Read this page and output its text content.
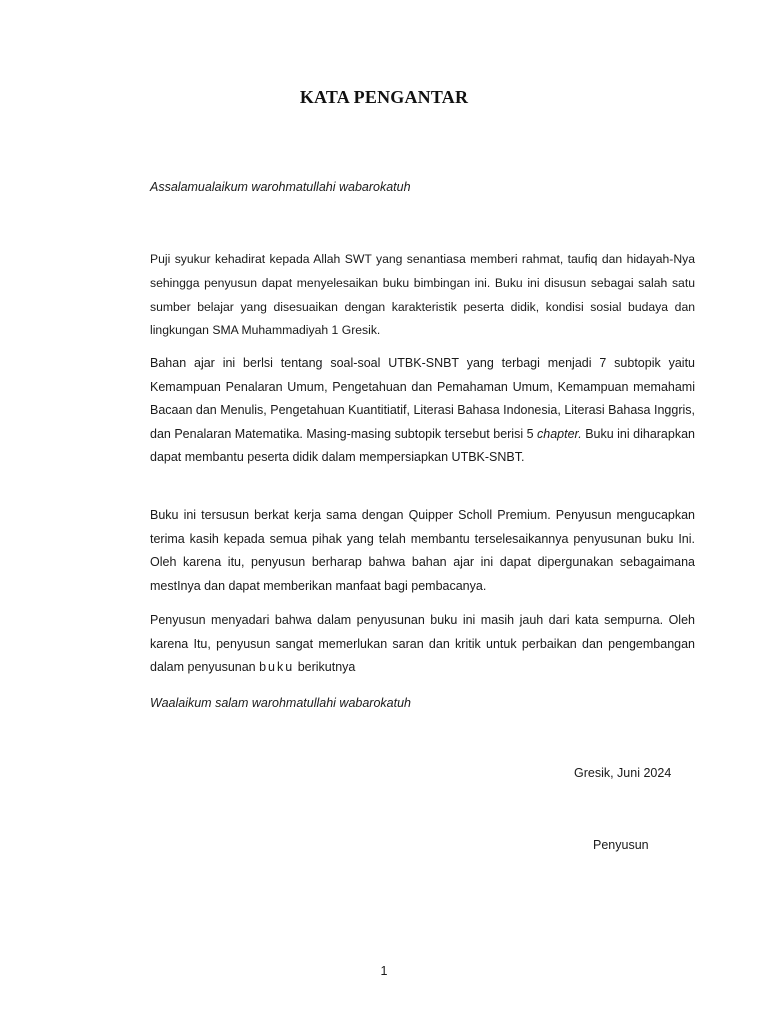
KATA PENGANTAR
Assalamualaikum warohmatullahi wabarokatuh

Puji syukur kehadirat kepada Allah SWT yang senantiasa memberi rahmat, taufiq dan hidayah-Nya sehingga penyusun dapat menyelesaikan buku bimbingan ini. Buku ini disusun sebagai salah satu sumber belajar yang disesuaikan dengan karakteristik peserta didik, kondisi sosial budaya dan lingkungan SMA Muhammadiyah 1 Gresik.

Bahan ajar ini berlsi tentang soal-soal UTBK-SNBT yang terbagi menjadi 7 subtopik yaitu Kemampuan Penalaran Umum, Pengetahuan dan Pemahaman Umum, Kemampuan memahami Bacaan dan Menulis, Pengetahuan Kuantitiatif, Literasi Bahasa Indonesia, Literasi Bahasa Inggris, dan Penalaran Matematika. Masing-masing subtopik tersebut berisi 5 chapter. Buku ini diharapkan dapat membantu peserta didik dalam mempersiapkan UTBK-SNBT.

Buku ini tersusun berkat kerja sama dengan Quipper Scholl Premium. Penyusun mengucapkan terima kasih kepada semua pihak yang telah membantu terselesaikannya penyusunan buku Ini. Oleh karena itu, penyusun berharap bahwa bahan ajar ini dapat dipergunakan sebagaimana mestInya dan dapat memberikan manfaat bagi pembacanya.

Penyusun menyadari bahwa dalam penyusunan buku ini masih jauh dari kata sempurna. Oleh karena Itu, penyusun sangat memerlukan saran dan kritik untuk perbaikan dan pengembangan dalam penyusunan buku berikutnya

Waalaikum salam warohmatullahi wabarokatuh
Gresik, Juni 2024
Penyusun
1
